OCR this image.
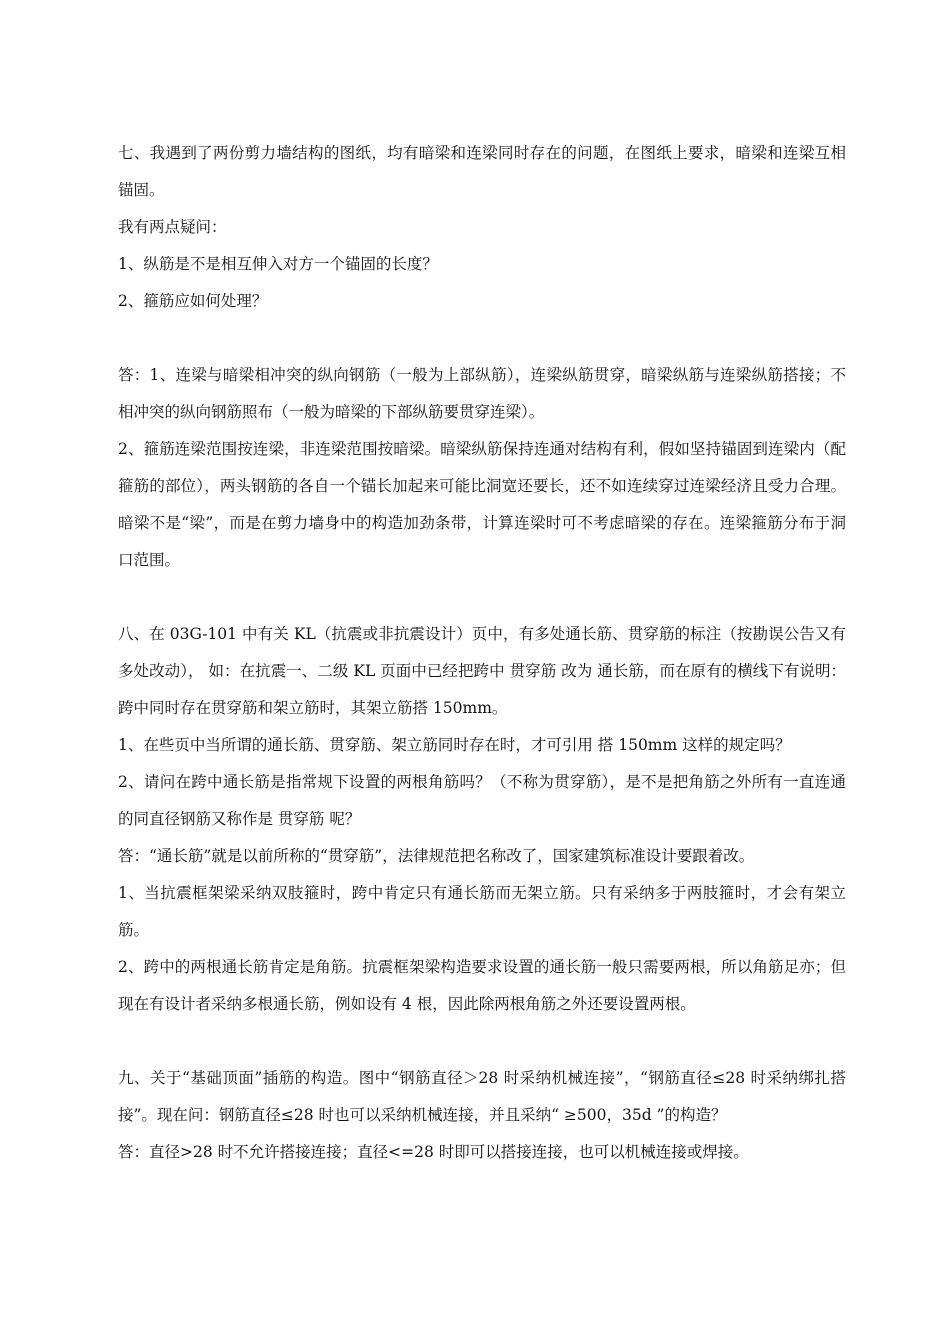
七、我遇到了两份剪力墙结构的图纸，均有暗梁和连梁同时存在的问题，在图纸上要求，暗梁和连梁互相锚固。

我有两点疑问：

1、纵筋是不是相互伸入对方一个锚固的长度？

2、箍筋应如何处理？

答：1、连梁与暗梁相冲突的纵向钢筋（一般为上部纵筋），连梁纵筋贯穿，暗梁纵筋与连梁纵筋搭接；不相冲突的纵向钢筋照布（一般为暗梁的下部纵筋要贯穿连梁）。

2、箍筋连梁范围按连梁，非连梁范围按暗梁。暗梁纵筋保持连通对结构有利，假如坚持锚固到连梁内（配箍筋的部位），两头钢筋的各自一个锚长加起来可能比洞宽还要长，还不如连续穿过连梁经济且受力合理。暗梁不是“梁”，而是在剪力墙身中的构造加劲条带，计算连梁时可不考虑暗梁的存在。连梁箍筋分布于洞口范围。

八、在 03G-101 中有关 KL（抗震或非抗震设计）页中，有多处通长筋、贯穿筋的标注（按勘误公告又有多处改动）， 如：在抗震一、二级 KL 页面中已经把跨中 贯穿筋 改为 通长筋，而在原有的横线下有说明：跨中同时存在贯穿筋和架立筋时，其架立筋搭 150mm。

1、在些页中当所谓的通长筋、贯穿筋、架立筋同时存在时，才可引用 搭 150mm 这样的规定吗？

2、请问在跨中通长筋是指常规下设置的两根角筋吗？（不称为贯穿筋），是不是把角筋之外所有一直连通的同直径钢筋又称作是 贯穿筋 呢？

答：“通长筋”就是以前所称的“贯穿筋”，法律规范把名称改了，国家建筑标准设计要跟着改。

1、当抗震框架梁采纳双肢箍时，跨中肯定只有通长筋而无架立筋。只有采纳多于两肢箍时，才会有架立筋。

2、跨中的两根通长筋肯定是角筋。抗震框架梁构造要求设置的通长筋一般只需要两根，所以角筋足亦；但现在有设计者采纳多根通长筋，例如设有 4 根，因此除两根角筋之外还要设置两根。

九、关于“基础顶面”插筋的构造。图中“钢筋直径＞28 时采纳机械连接”，“钢筋直径≤28 时采纳绑扎搭接”。现在问：钢筋直径≤28 时也可以采纳机械连接，并且采纳“ ≥500，35d ”的构造？

答：直径>28 时不允许搭接连接；直径<=28 时即可以搭接连接，也可以机械连接或焊接。
